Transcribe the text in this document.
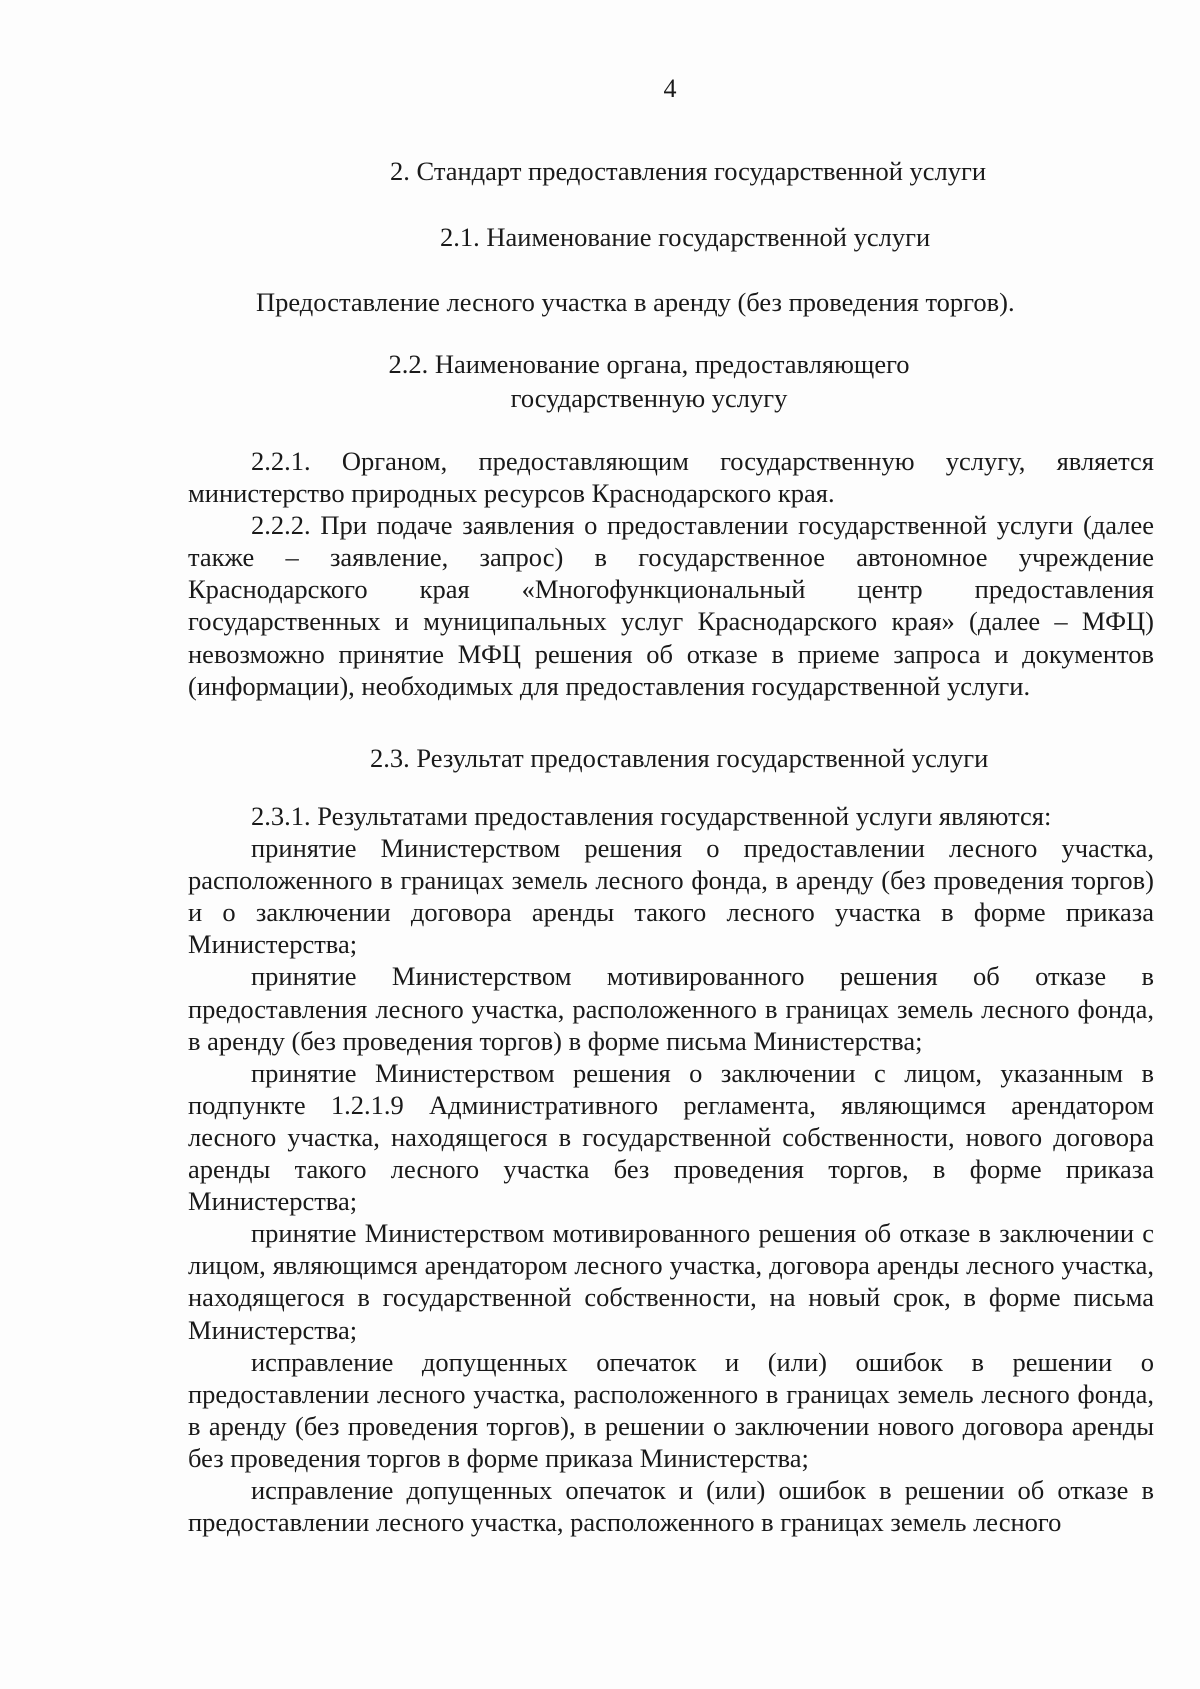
4
2. Стандарт предоставления государственной услуги
2.1. Наименование государственной услуги
Предоставление лесного участка в аренду (без проведения торгов).
2.2. Наименование органа, предоставляющего
государственную услугу

2.2.1. Органом, предоставляющим государственную услугу, является министерство природных ресурсов Краснодарского края.

2.2.2. При подаче заявления о предоставлении государственной услуги (далее также – заявление, запрос) в государственное автономное учреждение Краснодарского края «Многофункциональный центр предоставления государственных и муниципальных услуг Краснодарского края» (далее – МФЦ) невозможно принятие МФЦ решения об отказе в приеме запроса и документов (информации), необходимых для предоставления государственной услуги.

2.3. Результат предоставления государственной услуги

2.3.1. Результатами предоставления государственной услуги являются:

принятие Министерством решения о предоставлении лесного участка, расположенного в границах земель лесного фонда, в аренду (без проведения торгов) и о заключении договора аренды такого лесного участка в форме приказа Министерства;

принятие Министерством мотивированного решения об отказе в предоставления лесного участка, расположенного в границах земель лесного фонда, в аренду (без проведения торгов) в форме письма Министерства;

принятие Министерством решения о заключении с лицом, указанным в подпункте 1.2.1.9 Административного регламента, являющимся арендатором лесного участка, находящегося в государственной собственности, нового договора аренды такого лесного участка без проведения торгов, в форме приказа Министерства;

принятие Министерством мотивированного решения об отказе в заключении с лицом, являющимся арендатором лесного участка, договора аренды лесного участка, находящегося в государственной собственности, на новый срок, в форме письма Министерства;

исправление допущенных опечаток и (или) ошибок в решении о предоставлении лесного участка, расположенного в границах земель лесного фонда, в аренду (без проведения торгов), в решении о заключении нового договора аренды без проведения торгов в форме приказа Министерства;

исправление допущенных опечаток и (или) ошибок в решении об отказе в предоставлении лесного участка, расположенного в границах земель лесного
